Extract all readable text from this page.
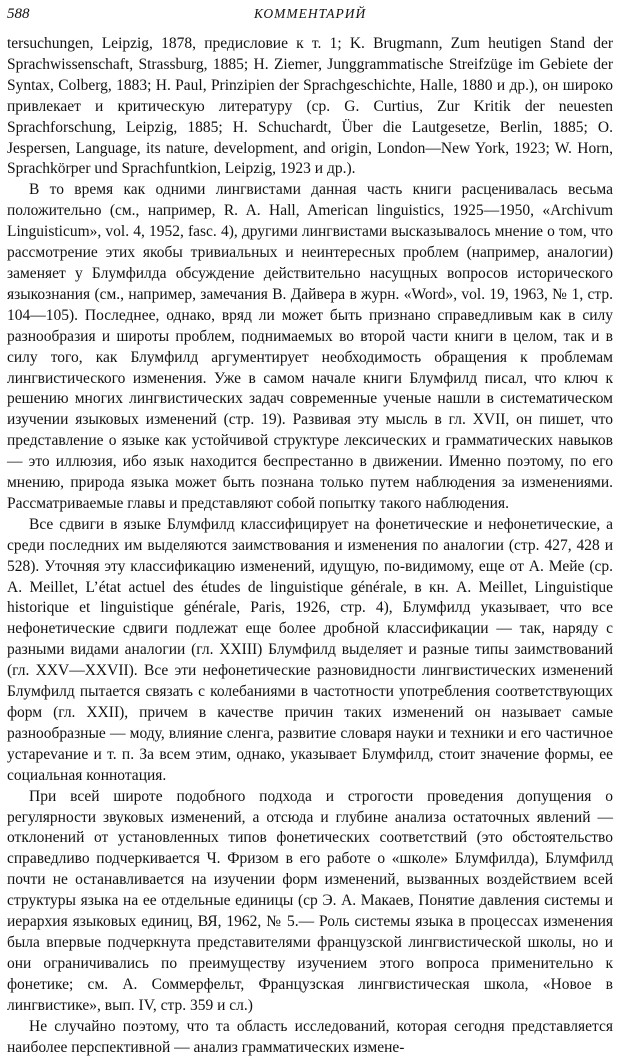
588	КОММЕНТАРИЙ

tersuchungen, Leipzig, 1878, предисловие к т. 1; K. Brugmann, Zum heutigen Stand der Sprachwissenschaft, Strassburg, 1885; H. Ziemer, Junggrammatische Streifzüge im Gebiete der Syntax, Colberg, 1883; H. Paul, Prinzipien der Sprachgeschichte, Halle, 1880 и др.), он широко привлекает и критическую литературу (ср. G. Curtius, Zur Kritik der neuesten Sprachforschung, Leipzig, 1885; H. Schuchardt, Über die Lautgesetze, Berlin, 1885; O. Jespersen, Language, its nature, development, and origin, London—New York, 1923; W. Horn, Sprachkörper und Sprachfuntkion, Leipzig, 1923 и др.).

В то время как одними лингвистами данная часть книги расценивалась весьма положительно (см., например, R. A. Hall, American linguistics, 1925—1950, «Archivum Linguisticum», vol. 4, 1952, fasc. 4), другими лингвистами высказывалось мнение о том, что рассмотрение этих якобы тривиальных и неинтересных проблем (например, аналогии) заменяет у Блумфилда обсуждение действительно насущных вопросов исторического языкознания (см., например, замечания В. Дайвера в журн. «Word», vol. 19, 1963, № 1, стр. 104—105). Последнее, однако, вряд ли может быть признано справедливым как в силу разнообразия и широты проблем, поднимаемых во второй части книги в целом, так и в силу того, как Блумфилд аргументирует необходимость обращения к проблемам лингвистического изменения. Уже в самом начале книги Блумфилд писал, что ключ к решению многих лингвистических задач современные ученые нашли в систематическом изучении языковых изменений (стр. 19). Развивая эту мысль в гл. XVII, он пишет, что представление о языке как устойчивой структуре лексических и грамматических навыков — это иллюзия, ибо язык находится беспрестанно в движении. Именно поэтому, по его мнению, природа языка может быть познана только путем наблюдения за изменениями. Рассматриваемые главы и представляют собой попытку такого наблюдения.

Все сдвиги в языке Блумфилд классифицирует на фонетические и нефонетические, а среди последних им выделяются заимствования и изменения по аналогии (стр. 427, 428 и 528). Уточняя эту классификацию изменений, идущую, по-видимому, еще от А. Мейе (ср. A. Meillet, L’état actuel des études de linguistique générale, в кн. A. Meillet, Linguistique historique et linguistique générale, Paris, 1926, стр. 4), Блумфилд указывает, что все нефонетические сдвиги подлежат еще более дробной классификации — так, наряду с разными видами аналогии (гл. XXIII) Блумфилд выделяет и разные типы заимствований (гл. XXV—XXVII). Все эти нефонетические разновидности лингвистических изменений Блумфилд пытается связать с колебаниями в частотности употребления соответствующих форм (гл. XXII), причем в качестве причин таких изменений он называет самые разнообразные — моду, влияние сленга, развитие словаря науки и техники и его частичное устарevание и т. п. За всем этим, однако, указывает Блумфилд, стоит значение формы, ее социальная коннотация.

При всей широте подобного подхода и строгости проведения допущения о регулярности звуковых изменений, а отсюда и глубине анализа остаточных явлений — отклонений от установленных типов фонетических соответствий (это обстоятельство справедливо подчеркивается Ч. Фризом в его работе о «школе» Блумфилда), Блумфилд почти не останавливается на изучении форм изменений, вызванных воздействием всей структуры языка на ее отдельные единицы (ср Э. А. Макаев, Понятие давления системы и иерархия языковых единиц, ВЯ, 1962, № 5.— Роль системы языка в процессах изменения была впервые подчеркнута представителями французской лингвистической школы, но и они ограничивались по преимуществу изучением этого вопроса применительно к фонетике; см. А. Соммерфельт, Французская лингвистическая школа, «Новое в лингвистике», вып. IV, стр. 359 и сл.)

Не случайно поэтому, что та область исследований, которая сегодня представляется наиболее перспективной — анализ грамматических измене-
